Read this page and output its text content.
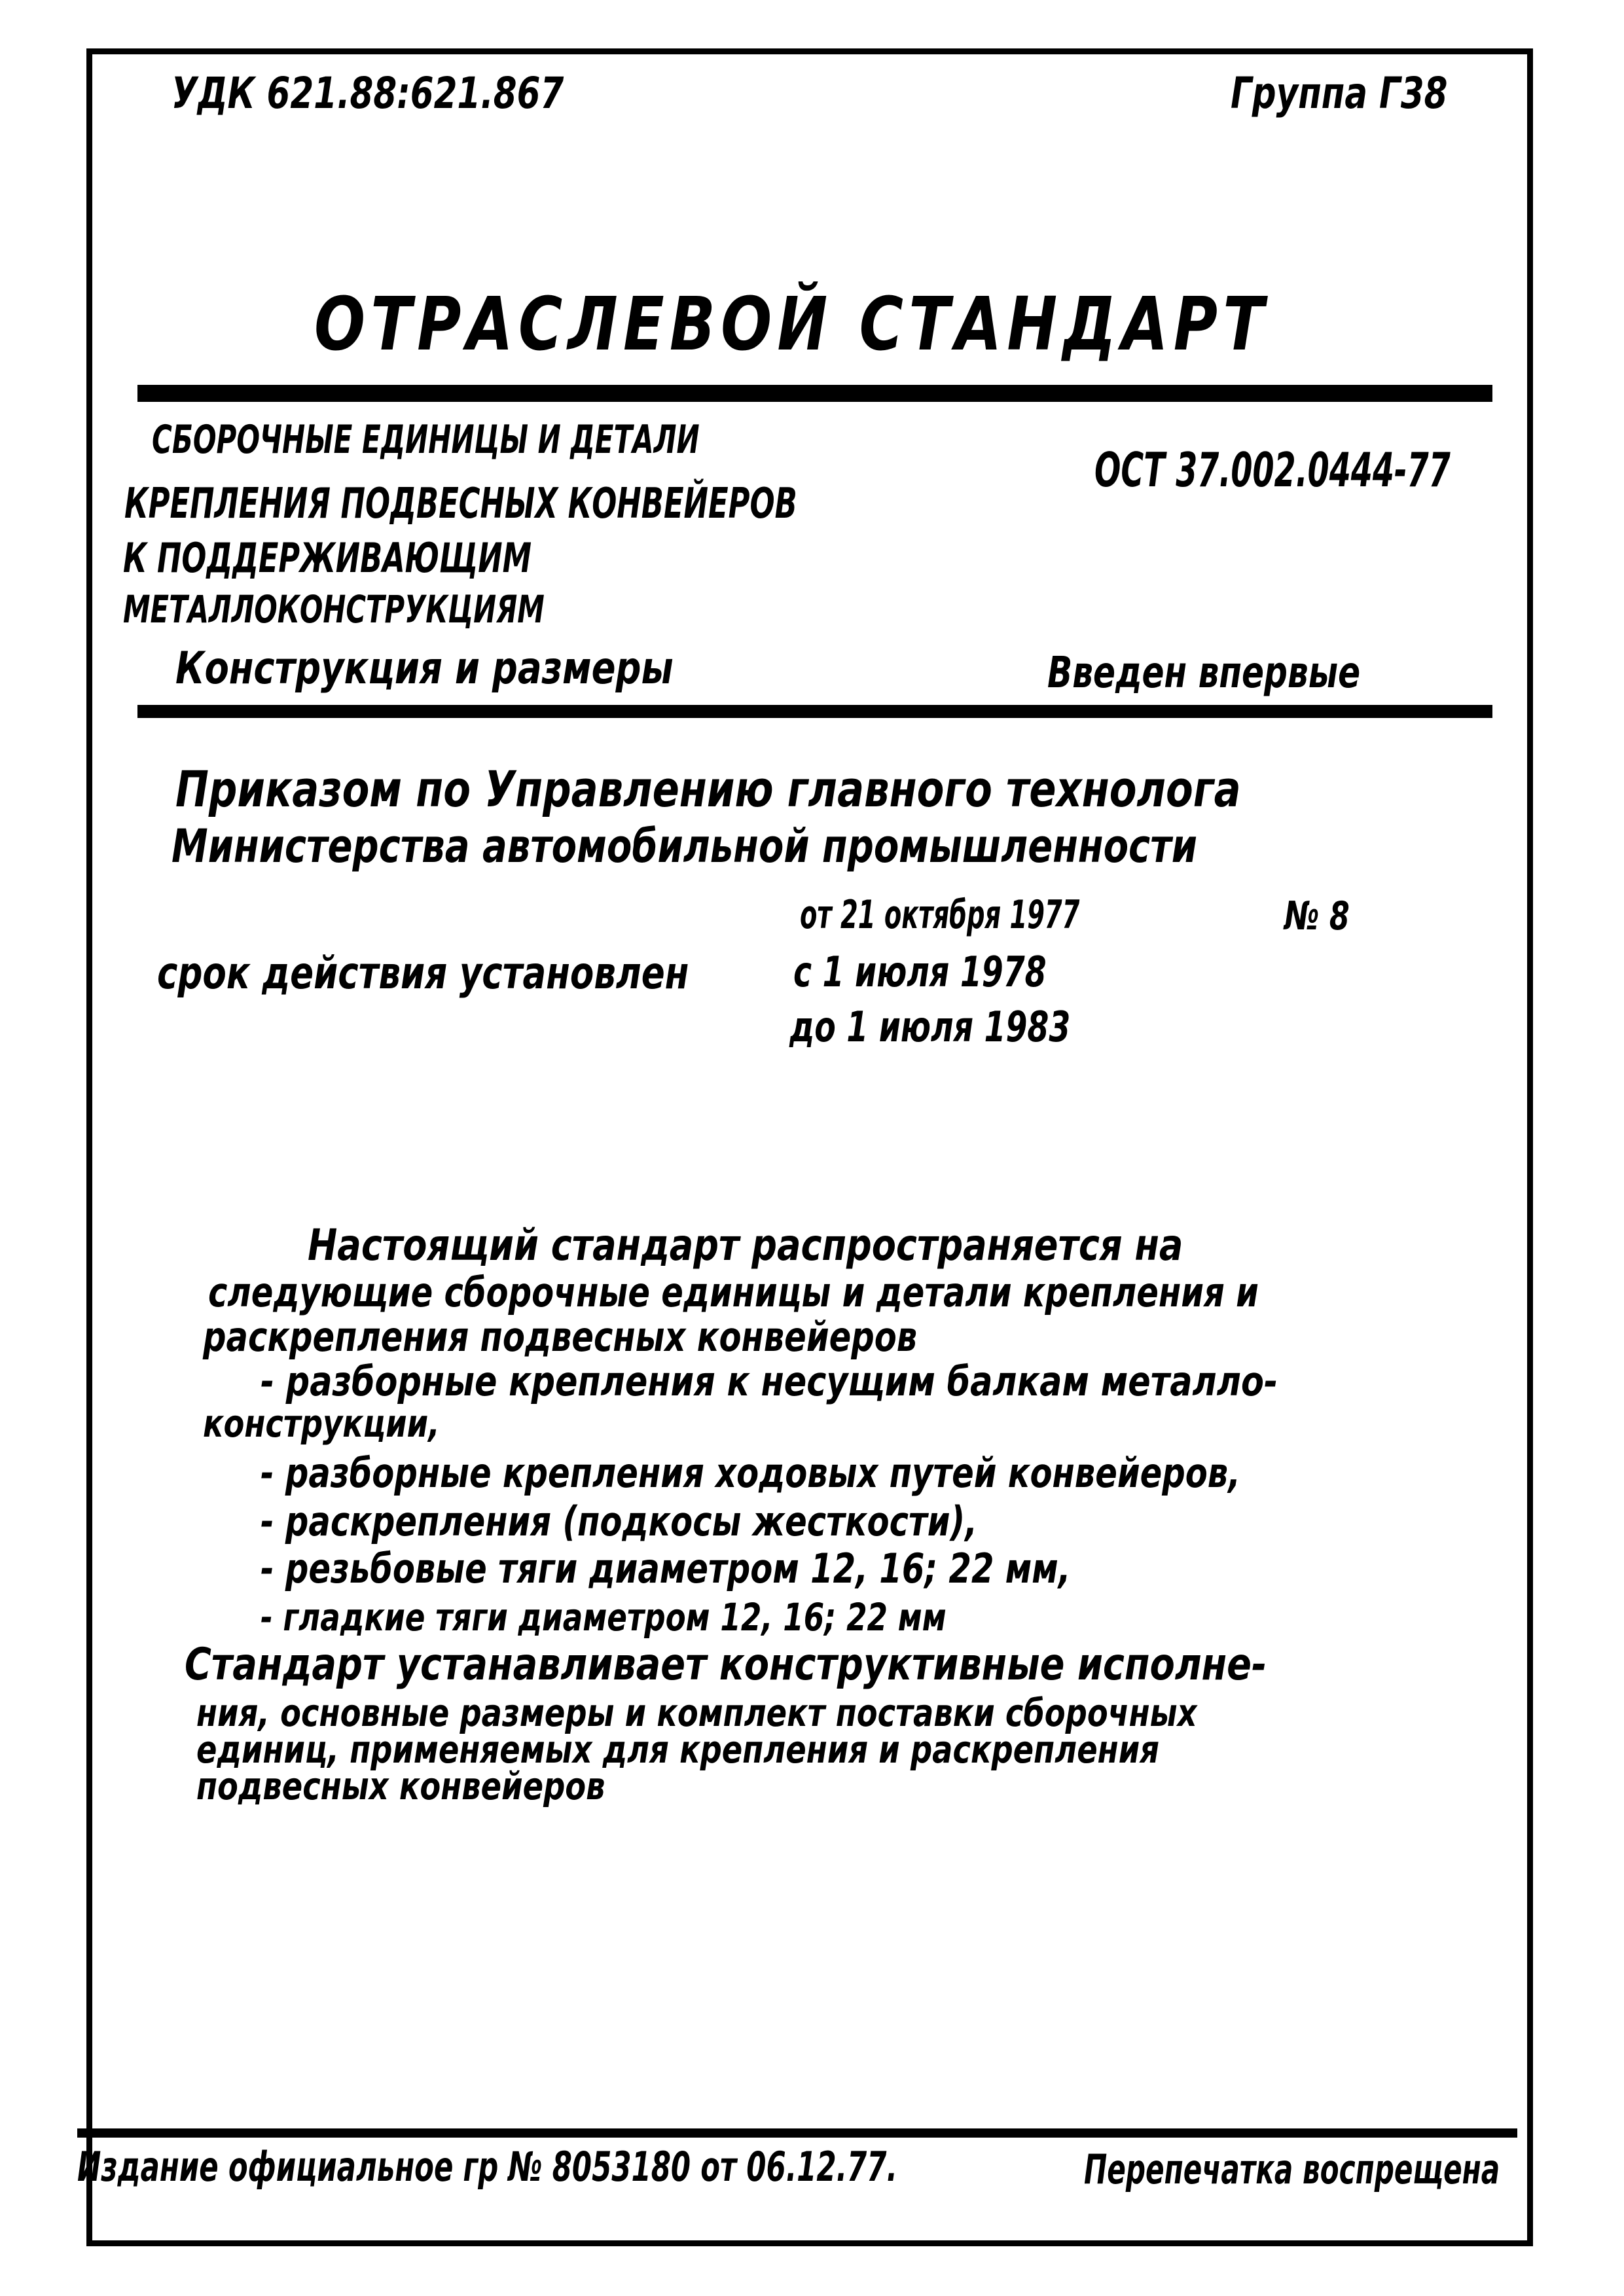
УДК 621.88:621.867	Группа Г38
ОТРАСЛЕВОЙ СТАНДАРТ
СБОРОЧНЫЕ ЕДИНИЦЫ И ДЕТАЛИ
КРЕПЛЕНИЯ ПОДВЕСНЫХ КОНВЕЙЕРОВ
К ПОДДЕРЖИВАЮЩИМ
МЕТАЛЛОКОНСТРУКЦИЯМ
Конструкция и размеры
ОСТ 37.002.0444-77
Введен впервые
Приказом по Управлению главного технолога
Министерства автомобильной промышленности
от 21 октября 1977	№ 8
срок действия установлен с 1 июля 1978
до 1 июля 1983
Настоящий стандарт распространяется на
следующие сборочные единицы и детали крепления и
раскрепления подвесных конвейеров
- разборные крепления к несущим балкам металло-
конструкции,
- разборные крепления ходовых путей конвейеров,
- раскрепления (подкосы жесткости),
- резьбовые тяги диаметром 12, 16; 22 мм,
- гладкие тяги диаметром 12, 16; 22 мм
Стандарт устанавливает конструктивные исполне-
ния, основные размеры и комплект поставки сборочных
единиц, применяемых для крепления и раскрепления
подвесных конвейеров
Издание официальное гр № 8053180 от 06.12.77.	Перепечатка воспрещена
